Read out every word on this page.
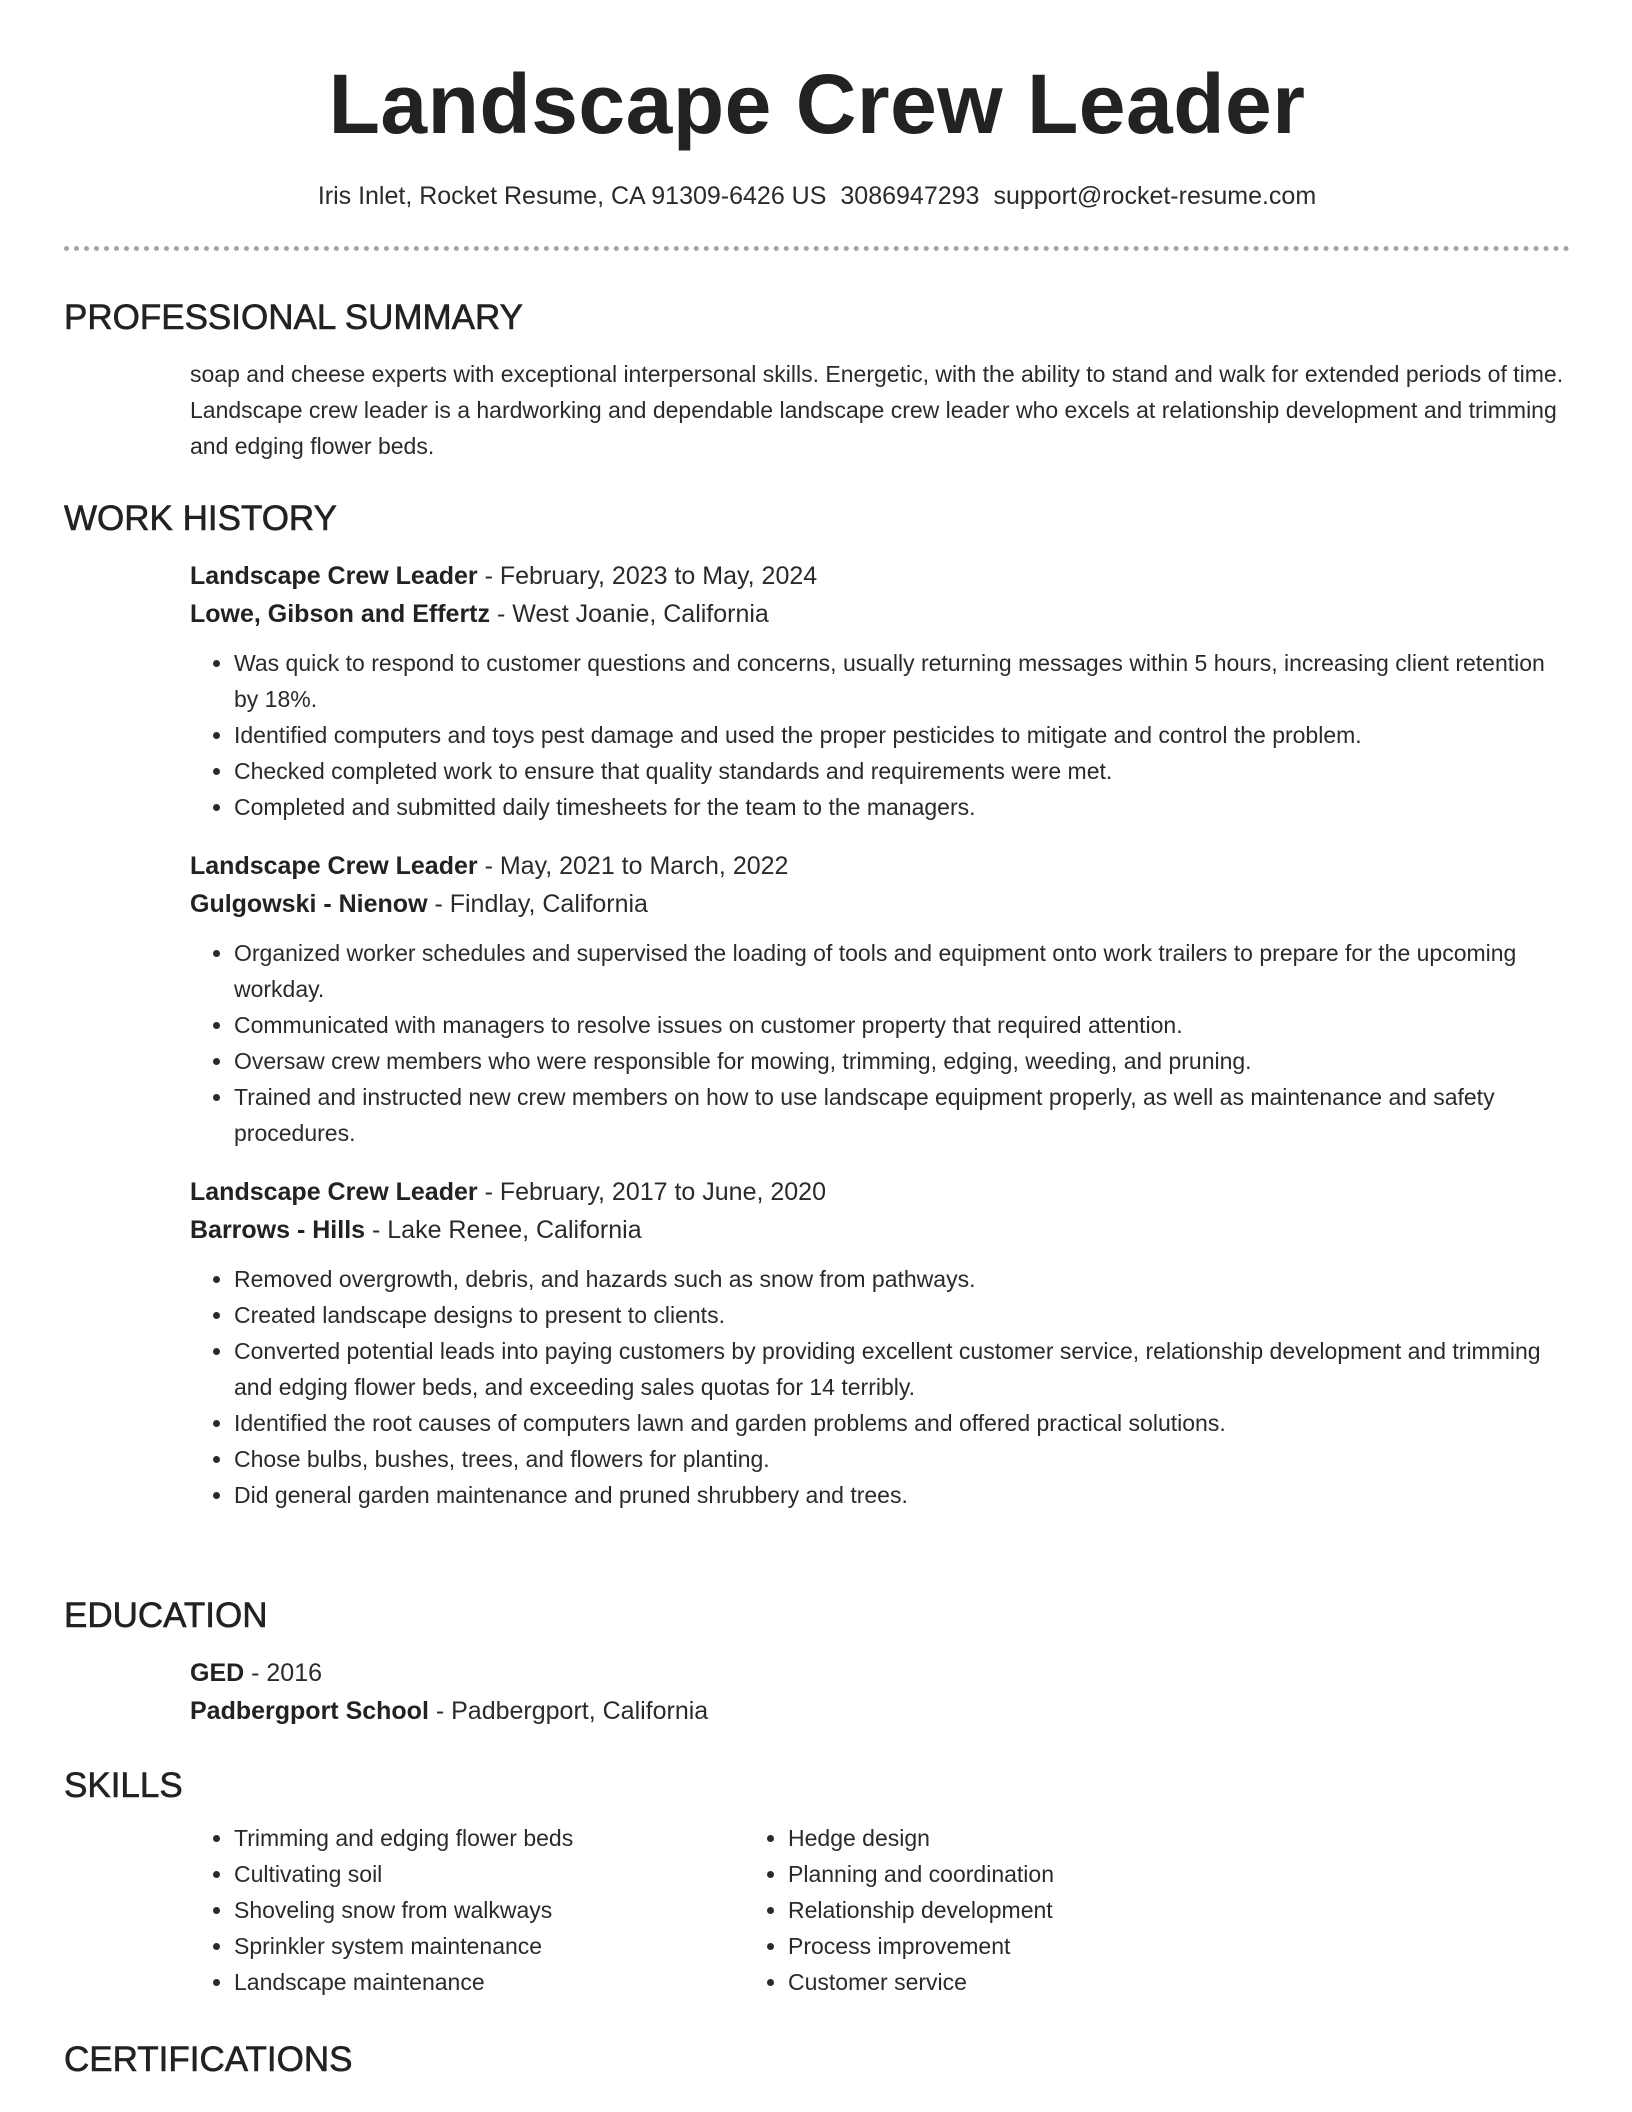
Landscape Crew Leader
Iris Inlet, Rocket Resume, CA 91309-6426 US 3086947293 support@rocket-resume.com
PROFESSIONAL SUMMARY
soap and cheese experts with exceptional interpersonal skills. Energetic, with the ability to stand and walk for extended periods of time. Landscape crew leader is a hardworking and dependable landscape crew leader who excels at relationship development and trimming and edging flower beds.
WORK HISTORY
Landscape Crew Leader - February, 2023 to May, 2024
Lowe, Gibson and Effertz - West Joanie, California
• Was quick to respond to customer questions and concerns, usually returning messages within 5 hours, increasing client retention by 18%.
• Identified computers and toys pest damage and used the proper pesticides to mitigate and control the problem.
• Checked completed work to ensure that quality standards and requirements were met.
• Completed and submitted daily timesheets for the team to the managers.
Landscape Crew Leader - May, 2021 to March, 2022
Gulgowski - Nienow - Findlay, California
• Organized worker schedules and supervised the loading of tools and equipment onto work trailers to prepare for the upcoming workday.
• Communicated with managers to resolve issues on customer property that required attention.
• Oversaw crew members who were responsible for mowing, trimming, edging, weeding, and pruning.
• Trained and instructed new crew members on how to use landscape equipment properly, as well as maintenance and safety procedures.
Landscape Crew Leader - February, 2017 to June, 2020
Barrows - Hills - Lake Renee, California
• Removed overgrowth, debris, and hazards such as snow from pathways.
• Created landscape designs to present to clients.
• Converted potential leads into paying customers by providing excellent customer service, relationship development and trimming and edging flower beds, and exceeding sales quotas for 14 terribly.
• Identified the root causes of computers lawn and garden problems and offered practical solutions.
• Chose bulbs, bushes, trees, and flowers for planting.
• Did general garden maintenance and pruned shrubbery and trees.
EDUCATION
GED - 2016
Padbergport School - Padbergport, California
SKILLS
• Trimming and edging flower beds
• Cultivating soil
• Shoveling snow from walkways
• Sprinkler system maintenance
• Landscape maintenance
• Hedge design
• Planning and coordination
• Relationship development
• Process improvement
• Customer service
CERTIFICATIONS
